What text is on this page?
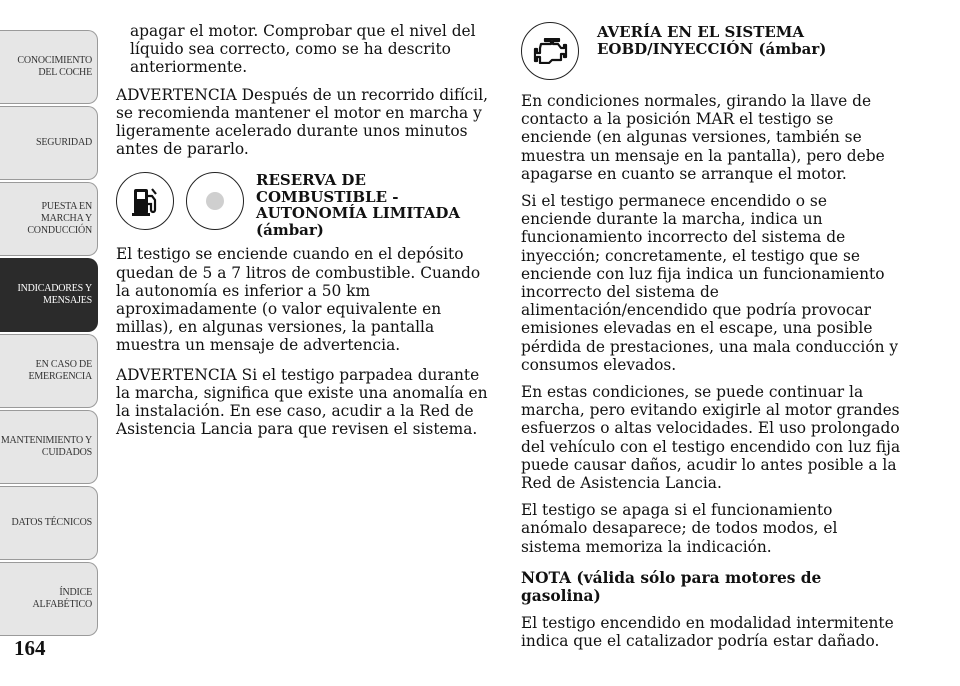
CONOCIMIENTO
DEL COCHE
SEGURIDAD
PUESTA EN
MARCHA Y
CONDUCCIÓN
INDICADORES Y
MENSAJES
EN CASO DE
EMERGENCIA
MANTENIMIENTO Y
CUIDADOS
DATOS TÉCNICOS
ÍNDICE
ALFABÉTICO
164

apagar el motor. Comprobar que el nivel del líquido sea correcto, como se ha descrito anteriormente.

ADVERTENCIA Después de un recorrido difícil, se recomienda mantener el motor en marcha y ligeramente acelerado durante unos minutos antes de pararlo.

RESERVA DE COMBUSTIBLE - AUTONOMÍA LIMITADA (ámbar)

El testigo se enciende cuando en el depósito quedan de 5 a 7 litros de combustible. Cuando la autonomía es inferior a 50 km aproximadamente (o valor equivalente en millas), en algunas versiones, la pantalla muestra un mensaje de advertencia.

ADVERTENCIA Si el testigo parpadea durante la marcha, significa que existe una anomalía en la instalación. En ese caso, acudir a la Red de Asistencia Lancia para que revisen el sistema.

AVERÍA EN EL SISTEMA EOBD/INYECCIÓN (ámbar)

En condiciones normales, girando la llave de contacto a la posición MAR el testigo se enciende (en algunas versiones, también se muestra un mensaje en la pantalla), pero debe apagarse en cuanto se arranque el motor.

Si el testigo permanece encendido o se enciende durante la marcha, indica un funcionamiento incorrecto del sistema de inyección; concretamente, el testigo que se enciende con luz fija indica un funcionamiento incorrecto del sistema de alimentación/encendido que podría provocar emisiones elevadas en el escape, una posible pérdida de prestaciones, una mala conducción y consumos elevados.

En estas condiciones, se puede continuar la marcha, pero evitando exigirle al motor grandes esfuerzos o altas velocidades. El uso prolongado del vehículo con el testigo encendido con luz fija puede causar daños, acudir lo antes posible a la Red de Asistencia Lancia.

El testigo se apaga si el funcionamiento anómalo desaparece; de todos modos, el sistema memoriza la indicación.

NOTA (válida sólo para motores de gasolina)

El testigo encendido en modalidad intermitente indica que el catalizador podría estar dañado.
